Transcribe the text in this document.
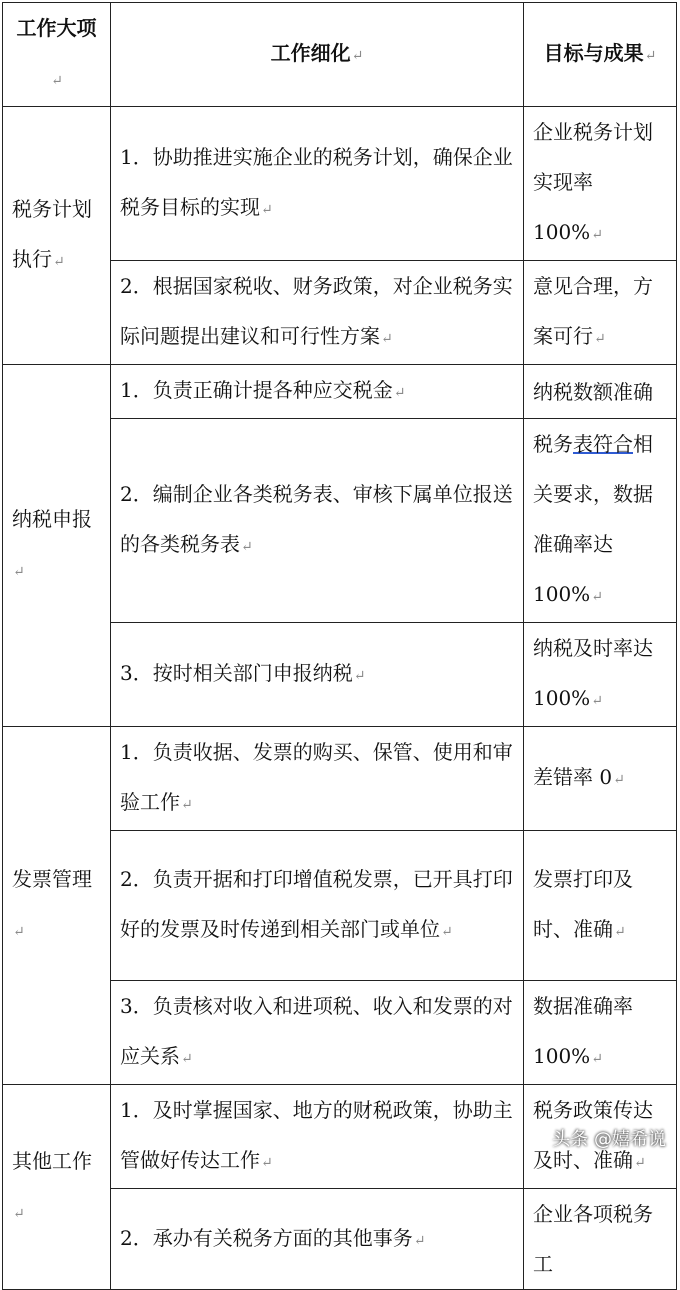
工作大项↵	工作细化↵	目标与成果↵
税务计划执行↵	1．协助推进实施企业的税务计划，确保企业税务目标的实现↵	企业税务计划实现率 100%↵
	2．根据国家税收、财务政策，对企业税务实际问题提出建议和可行性方案↵	意见合理，方案可行↵
纳税申报↵	1．负责正确计提各种应交税金↵	纳税数额准确
	2．编制企业各类税务表、审核下属单位报送的各类税务表↵	税务表符合相关要求，数据准确率达 100%↵
	3．按时相关部门申报纳税↵	纳税及时率达 100%↵
发票管理↵	1．负责收据、发票的购买、保管、使用和审验工作↵	差错率 0↵
	2．负责开据和打印增值税发票，已开具打印好的发票及时传递到相关部门或单位↵	发票打印及时、准确↵
	3．负责核对收入和进项税、收入和发票的对应关系↵	数据准确率 100%↵
其他工作↵	1．及时掌握国家、地方的财税政策，协助主管做好传达工作↵	税务政策传达及时、准确↵
	2．承办有关税务方面的其他事务↵	企业各项税务工
头条 @嬉希说
